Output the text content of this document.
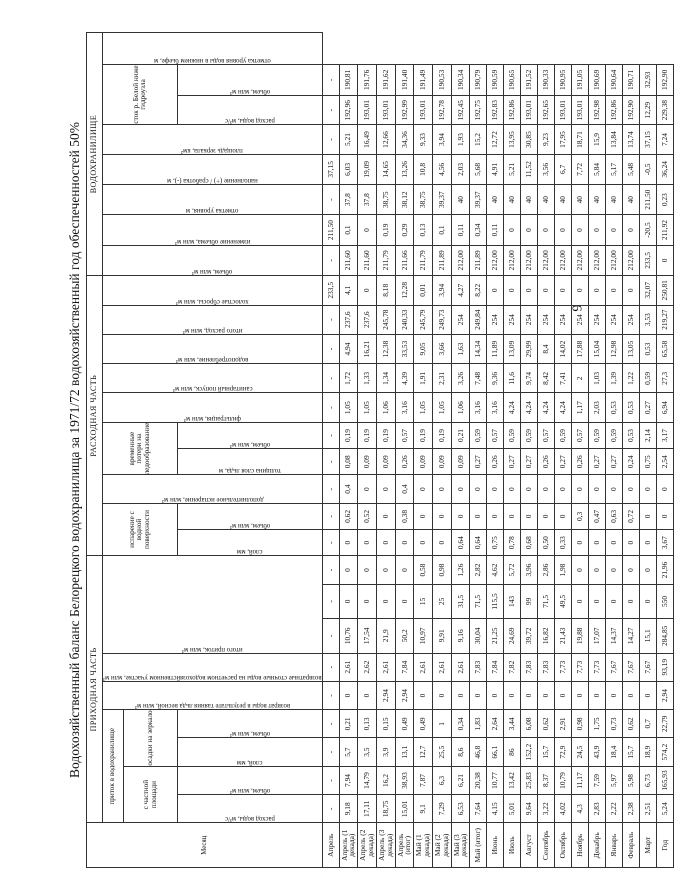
6
Водохозяйственный баланс Белорецкого водохранилища за 1971/72 водохозяйственный год обеспеченностей 50%
Месяц	ПРИХОДНАЯ ЧАСТЬ									РАСХОДНАЯ ЧАСТЬ										ВОДОХРАНИЛИЩЕ							
	приток в водохранилище				возврат воды в результате таяния льда весной, млн м³	возвратные сточные воды на расчетном водохозяйственном участке, млн м³	итого приток, млн м³			испарение с водной поверхности		дополнительное испарение, млн м³	временные потери на ледообразование		фильтрация, млн м³	санитарный попуск, млн м³	водопотребление, млн м³	итого расход, млн м³	холостые сбросы, млн м³	объем, млн м³	изменение объема, млн м³	отметка уровня, м	наполнение (+) / сработка (-), м	площадь зеркала, км²	сток р. Белой ниже гидроузла		отметка уровня воды в нижнем бьефе, м

	с частной площади		осадки на зеркало																								

	расход воды, м³/с	объем, млн м³	слой, мм	объем, млн м³						слой, мм	объем, млн м³		толщина слоя льда, м	объем, млн м³											расход воды, м³/с	объем, млн м³	

Апрель	-	-	-	-	-	-	-	-	-	-	-	-	-	-	-	-	-	-	233,5	-	211,50	-	37,15	-	-	-	
Апрель (1 декада)	9,18	7,94	5,7	0,21	0	2,61	10,76	0	0	0	0,62	0,4	0,08	0,19	1,05	1,72	4,94	237,6	4,1	211,60	0,1	37,8	6,03	5,21	192,96	190,81	
Апрель (2 декада)	17,11	14,79	3,5	0,13	0	2,62	17,54	0	0	0	0,52	0	0,09	0,19	1,05	1,33	16,21	237,6	0	211,60	0	37,8	19,09	16,49	193,01	191,76	
Апрель (3 декада)	18,75	16,2	3,9	0,15	2,94	2,61	21,9	0	0	0	0	0	0,09	0,19	1,06	1,34	12,38	245,78	8,18	211,79	0,19	38,75	14,65	12,66	193,01	191,62	
Апрель (итог)	15,01	38,93	13,1	0,49	2,94	7,84	50,2	0	0	0	0,38	0,4	0,26	0,57	3,16	4,39	33,53	240,33	12,28	211,66	0,29	38,12	13,26	34,36	192,99	191,40	
Май (1 декада)	9,1	7,87	12,7	0,49	0	2,61	10,97	15	0,58	0	0	0	0,09	0,19	1,05	1,91	9,05	245,79	0,01	211,79	0,13	38,75	10,8	9,33	193,01	191,49	
Май (2 декада)	7,29	6,3	25,5	1	0	2,61	9,91	25	0,98	0	0	0	0,09	0,19	1,05	2,31	3,66	249,73	3,94	211,89	0,1	39,37	4,56	3,94	192,78	190,53	
Май (3 декада)	6,53	6,21	8,6	0,34	0	2,61	9,16	31,5	1,26	0,64	0	0	0,09	0,21	1,06	3,26	1,63	254	4,27	212,00	0,11	40	2,03	1,93	192,45	190,34	
Май (итог)	7,64	20,38	46,8	1,83	0	7,83	30,04	71,5	2,82	0,64	0	0	0,27	0,59	3,16	7,48	14,34	249,84	8,22	211,89	0,34	39,37	5,68	15,2	192,75	190,79	
Июнь	4,15	10,77	66,1	2,64	0	7,84	21,25	115,5	4,62	0,75	0	0	0,26	0,57	3,16	9,36	11,89	254	0	212,00	0,11	40	4,91	12,72	192,83	190,59	
Июль	5,01	13,42	86	3,44	0	7,82	24,69	143	5,72	0,78	0	0	0,27	0,59	4,24	11,6	13,09	254	0	212,00	0	40	5,21	13,95	192,86	190,65	
Август	9,64	25,83	152,2	6,08	0	7,83	39,72	99	3,96	0,68	0	0	0,27	0,59	4,24	9,74	29,99	254	0	212,00	0	40	11,52	30,85	193,01	191,52	
Сентябрь	3,22	8,37	15,7	0,62	0	7,83	16,82	71,5	2,86	0,50	0	0	0,26	0,57	4,24	8,42	8,4	254	0	212,00	0	40	3,56	9,23	192,65	190,33	
Октябрь	4,02	10,79	72,9	2,91	0	7,73	21,43	49,5	1,98	0,33	0	0	0,27	0,59	4,24	7,41	14,02	254	0	212,00	0	40	6,7	17,95	193,01	190,95	
Ноябрь	4,3	11,17	24,5	0,98	0	7,73	19,88	0	0	0	0,3	0	0,26	0,57	1,17	2	17,88	254	0	212,00	0	40	7,72	18,71	193,01	191,05	
Декабрь	2,83	7,59	43,9	1,75	0	7,73	17,07	0	0	0	0,47	0	0,27	0,59	2,03	1,03	15,04	254	0	212,00	0	40	5,84	15,9	192,98	190,69	
Январь	2,22	5,97	18,4	0,73	0	7,67	14,37	0	0	0	0,63	0	0,27	0,59	0,53	1,39	12,98	254	0	212,00	0	40	5,17	13,84	192,86	190,64	
Февраль	2,38	5,98	15,7	0,62	0	7,67	14,27	0	0	0	0,72	0	0,24	0,53	0,53	1,22	13,05	254	0	212,00	0	40	5,48	13,74	192,90	190,71	
Март	2,51	6,73	18,9	0,7	0	7,67	15,1	0	0	0	0	0	0,75	2,14	0,27	0,59	0,53	3,53	32,07	233,5	-20,5	211,50	-0,5	37,15	12,29	32,93	
Год	5,24	165,93	574,2	22,79	2,94	93,19	284,85	550	21,96	3,67	0	0	2,54	3,17	6,94	27,3	65,58	219,27	250,81	0	211,92	0,23	36,24	7,24	229,38	192,90	
